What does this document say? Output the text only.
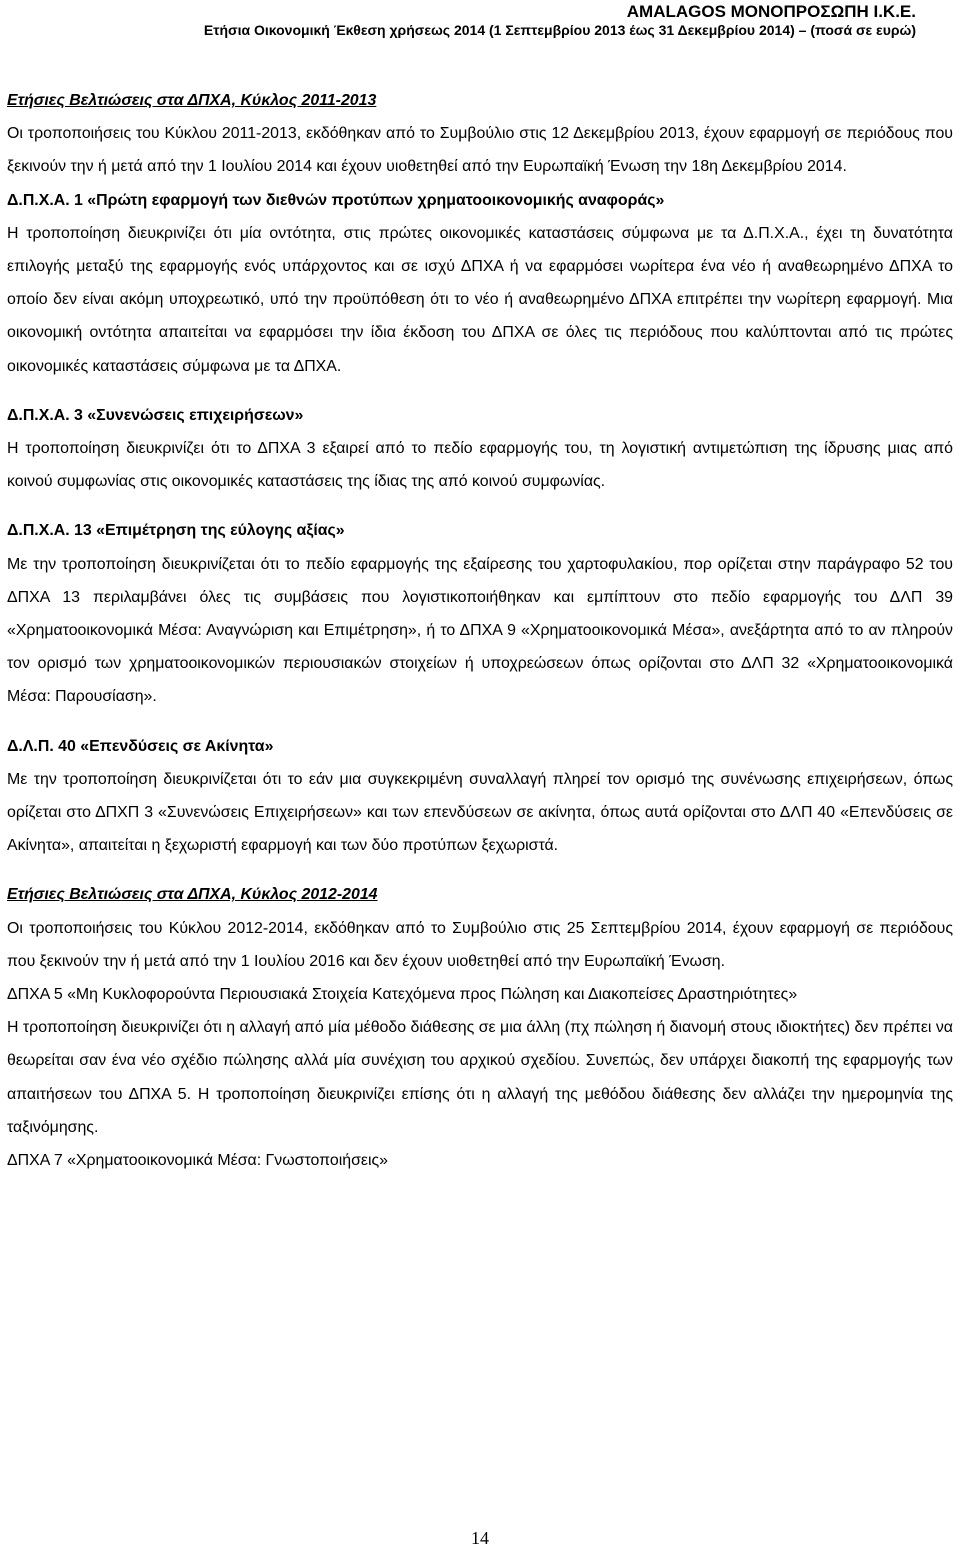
AMALAGOS ΜΟΝΟΠΡΟΣΩΠΗ Ι.Κ.Ε.
Ετήσια Οικονομική Έκθεση χρήσεως 2014 (1 Σεπτεμβρίου 2013 έως 31 Δεκεμβρίου 2014) – (ποσά σε ευρώ)

Ετήσιες Βελτιώσεις στα ΔΠΧΑ, Κύκλος 2011-2013

Οι τροποποιήσεις του Κύκλου 2011-2013, εκδόθηκαν από το Συμβούλιο στις 12 Δεκεμβρίου 2013, έχουν εφαρμογή σε περιόδους που ξεκινούν την ή μετά από την 1 Ιουλίου 2014 και έχουν υιοθετηθεί από την Ευρωπαϊκή Ένωση την 18η Δεκεμβρίου 2014.

Δ.Π.Χ.Α. 1 «Πρώτη εφαρμογή των διεθνών προτύπων χρηματοοικονομικής αναφοράς»

Η τροποποίηση διευκρινίζει ότι μία οντότητα, στις πρώτες οικονομικές καταστάσεις σύμφωνα με τα Δ.Π.Χ.Α., έχει τη δυνατότητα επιλογής μεταξύ της εφαρμογής ενός υπάρχοντος και σε ισχύ ΔΠΧΑ ή να εφαρμόσει νωρίτερα ένα νέο ή αναθεωρημένο ΔΠΧΑ το οποίο δεν είναι ακόμη υποχρεωτικό, υπό την προϋπόθεση ότι το νέο ή αναθεωρημένο ΔΠΧΑ επιτρέπει την νωρίτερη εφαρμογή. Μια οικονομική οντότητα απαιτείται να εφαρμόσει την ίδια έκδοση του ΔΠΧΑ σε όλες τις περιόδους που καλύπτονται από τις πρώτες οικονομικές καταστάσεις σύμφωνα με τα ΔΠΧΑ.

Δ.Π.Χ.Α. 3 «Συνενώσεις επιχειρήσεων»

Η τροποποίηση διευκρινίζει ότι το ΔΠΧΑ 3 εξαιρεί από το πεδίο εφαρμογής του, τη λογιστική αντιμετώπιση της ίδρυσης μιας από κοινού συμφωνίας στις οικονομικές καταστάσεις της ίδιας της από κοινού συμφωνίας.

Δ.Π.Χ.Α. 13 «Επιμέτρηση της εύλογης αξίας»

Με την τροποποίηση διευκρινίζεται ότι το πεδίο εφαρμογής της εξαίρεσης του χαρτοφυλακίου, πορ ορίζεται στην παράγραφο 52 του ΔΠΧΑ 13 περιλαμβάνει όλες τις συμβάσεις που λογιστικοποιήθηκαν και εμπίπτουν στο πεδίο εφαρμογής του ΔΛΠ 39 «Χρηματοοικονομικά Μέσα: Αναγνώριση και Επιμέτρηση», ή το ΔΠΧΑ 9 «Χρηματοοικονομικά Μέσα», ανεξάρτητα από το αν πληρούν τον ορισμό των χρηματοοικονομικών περιουσιακών στοιχείων ή υποχρεώσεων όπως ορίζονται στο ΔΛΠ 32 «Χρηματοοικονομικά Μέσα: Παρουσίαση».

Δ.Λ.Π. 40 «Επενδύσεις σε Ακίνητα»

Με την τροποποίηση διευκρινίζεται ότι το εάν μια συγκεκριμένη συναλλαγή πληρεί τον ορισμό της συνένωσης επιχειρήσεων, όπως ορίζεται στο ΔΠΧΠ 3 «Συνενώσεις Επιχειρήσεων» και των επενδύσεων σε ακίνητα, όπως αυτά ορίζονται στο ΔΛΠ 40 «Επενδύσεις σε Ακίνητα», απαιτείται η ξεχωριστή εφαρμογή και των δύο προτύπων ξεχωριστά.

Ετήσιες Βελτιώσεις στα ΔΠΧΑ, Κύκλος 2012-2014

Οι τροποποιήσεις του Κύκλου 2012-2014, εκδόθηκαν από το Συμβούλιο στις 25 Σεπτεμβρίου 2014, έχουν εφαρμογή σε περιόδους που ξεκινούν την ή μετά από την 1 Ιουλίου 2016 και δεν έχουν υιοθετηθεί από την Ευρωπαϊκή Ένωση.

ΔΠΧΑ 5 «Μη Κυκλοφορούντα Περιουσιακά Στοιχεία Κατεχόμενα προς Πώληση και Διακοπείσες Δραστηριότητες»

Η τροποποίηση διευκρινίζει ότι η αλλαγή από μία μέθοδο διάθεσης σε μια άλλη (πχ πώληση ή διανομή στους ιδιοκτήτες) δεν πρέπει να θεωρείται σαν ένα νέο σχέδιο πώλησης αλλά μία συνέχιση του αρχικού σχεδίου. Συνεπώς, δεν υπάρχει διακοπή της εφαρμογής των απαιτήσεων του ΔΠΧΑ 5. Η τροποποίηση διευκρινίζει επίσης ότι η αλλαγή της μεθόδου διάθεσης δεν αλλάζει την ημερομηνία της ταξινόμησης.

ΔΠΧΑ 7 «Χρηματοοικονομικά Μέσα: Γνωστοποιήσεις»

14
